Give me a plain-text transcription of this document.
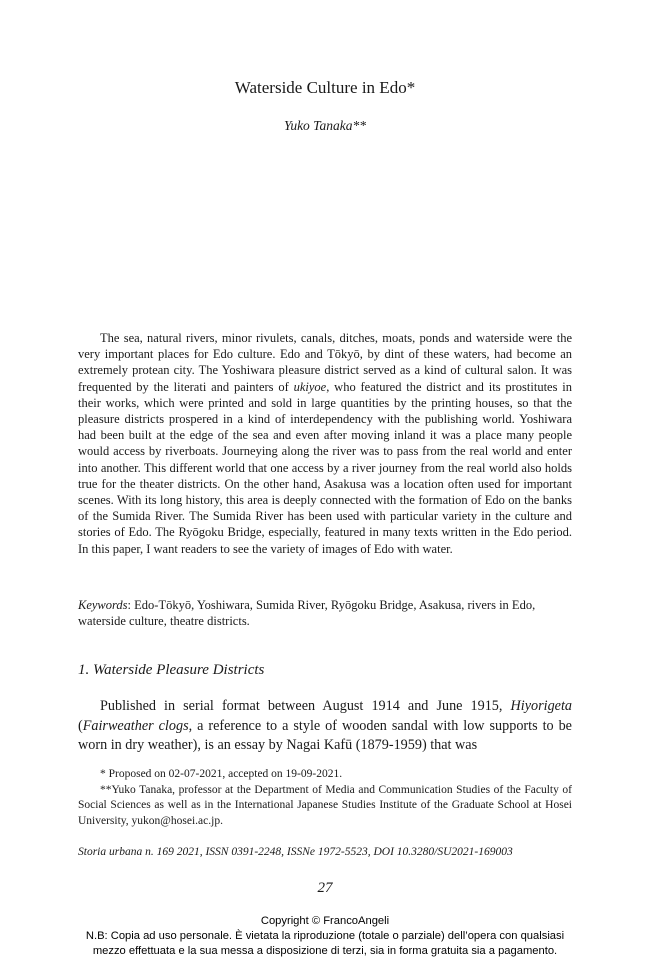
Waterside Culture in Edo*
Yuko Tanaka**

The sea, natural rivers, minor rivulets, canals, ditches, moats, ponds and waterside were the very important places for Edo culture. Edo and Tōkyō, by dint of these waters, had become an extremely protean city. The Yoshiwara pleasure district served as a kind of cultural salon. It was frequented by the literati and painters of ukiyoe, who featured the district and its prostitutes in their works, which were printed and sold in large quantities by the printing houses, so that the pleasure districts prospered in a kind of interdependency with the publishing world. Yoshiwara had been built at the edge of the sea and even after moving inland it was a place many people would access by riverboats. Journeying along the river was to pass from the real world and enter into another. This different world that one access by a river journey from the real world also holds true for the theater districts. On the other hand, Asakusa was a location often used for important scenes. With its long history, this area is deeply connected with the formation of Edo on the banks of the Sumida River. The Sumida River has been used with particular variety in the culture and stories of Edo. The Ryōgoku Bridge, especially, featured in many texts written in the Edo period. In this paper, I want readers to see the variety of images of Edo with water.

Keywords: Edo-Tōkyō, Yoshiwara, Sumida River, Ryōgoku Bridge, Asakusa, rivers in Edo, waterside culture, theatre districts.

1. Waterside Pleasure Districts

Published in serial format between August 1914 and June 1915, Hiyorigeta (Fairweather clogs, a reference to a style of wooden sandal with low supports to be worn in dry weather), is an essay by Nagai Kafū (1879-1959) that was

* Proposed on 02-07-2021, accepted on 19-09-2021.

**Yuko Tanaka, professor at the Department of Media and Communication Studies of the Faculty of Social Sciences as well as in the International Japanese Studies Institute of the Graduate School at Hosei University, yukon@hosei.ac.jp.

Storia urbana n. 169 2021, ISSN 0391-2248, ISSNe 1972-5523, DOI 10.3280/SU2021-169003

27
Copyright © FrancoAngeli
N.B: Copia ad uso personale. È vietata la riproduzione (totale o parziale) dell’opera con qualsiasi
mezzo effettuata e la sua messa a disposizione di terzi, sia in forma gratuita sia a pagamento.
